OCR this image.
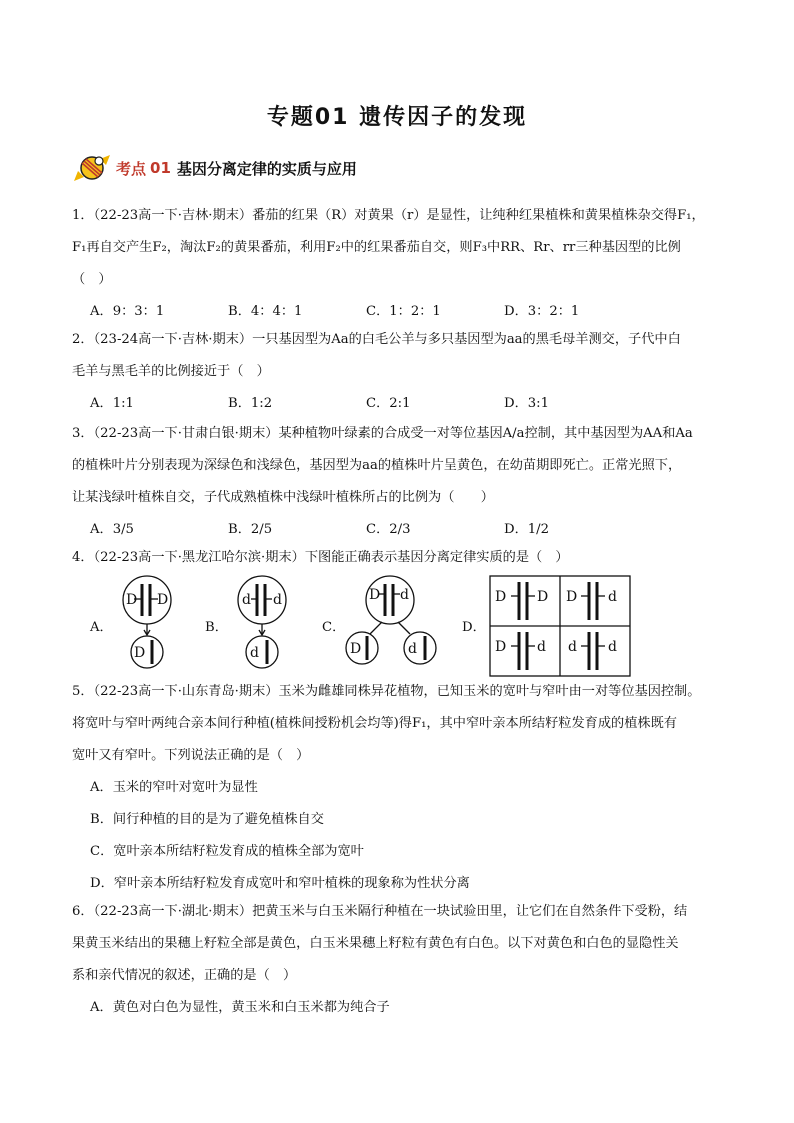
专题01 遗传因子的发现
考点 01 基因分离定律的实质与应用

1．（22-23高一下·吉林·期末）番茄的红果（R）对黄果（r）是显性，让纯种红果植株和黄果植株杂交得F₁，

F₁再自交产生F₂，淘汰F₂的黄果番茄，利用F₂中的红果番茄自交，则F₃中RR、Rr、rr三种基因型的比例

（　）

A．9：3：1	B．4：4：1	C．1：2：1	D．3：2：1

2．（23-24高一下·吉林·期末）一只基因型为Aa的白毛公羊与多只基因型为aa的黑毛母羊测交，子代中白

毛羊与黑毛羊的比例接近于（　）

A．1:1	B．1:2	C．2:1	D．3:1

3．（22-23高一下·甘肃白银·期末）某种植物叶绿素的合成受一对等位基因A/a控制，其中基因型为AA和Aa

的植株叶片分别表现为深绿色和浅绿色，基因型为aa的植株叶片呈黄色，在幼苗期即死亡。正常光照下，

让某浅绿叶植株自交，子代成熟植株中浅绿叶植株所占的比例为（　　）

A．3/5	B．2/5	C．2/3	D．1/2

4．（22-23高一下·黑龙江哈尔滨·期末）下图能正确表示基因分离定律实质的是（　）

A．	B．	C．	D．
D D
D
d d
d
D d
D	d
D D D d
D d d d

5．（22-23高一下·山东青岛·期末）玉米为雌雄同株异花植物，已知玉米的宽叶与窄叶由一对等位基因控制。

将宽叶与窄叶两纯合亲本间行种植(植株间授粉机会均等)得F₁，其中窄叶亲本所结籽粒发育成的植株既有

宽叶又有窄叶。下列说法正确的是（　）

A．玉米的窄叶对宽叶为显性

B．间行种植的目的是为了避免植株自交

C．宽叶亲本所结籽粒发育成的植株全部为宽叶

D．窄叶亲本所结籽粒发育成宽叶和窄叶植株的现象称为性状分离

6．（22-23高一下·湖北·期末）把黄玉米与白玉米隔行种植在一块试验田里，让它们在自然条件下受粉，结

果黄玉米结出的果穗上籽粒全部是黄色，白玉米果穗上籽粒有黄色有白色。以下对黄色和白色的显隐性关

系和亲代情况的叙述，正确的是（　）

A．黄色对白色为显性，黄玉米和白玉米都为纯合子
